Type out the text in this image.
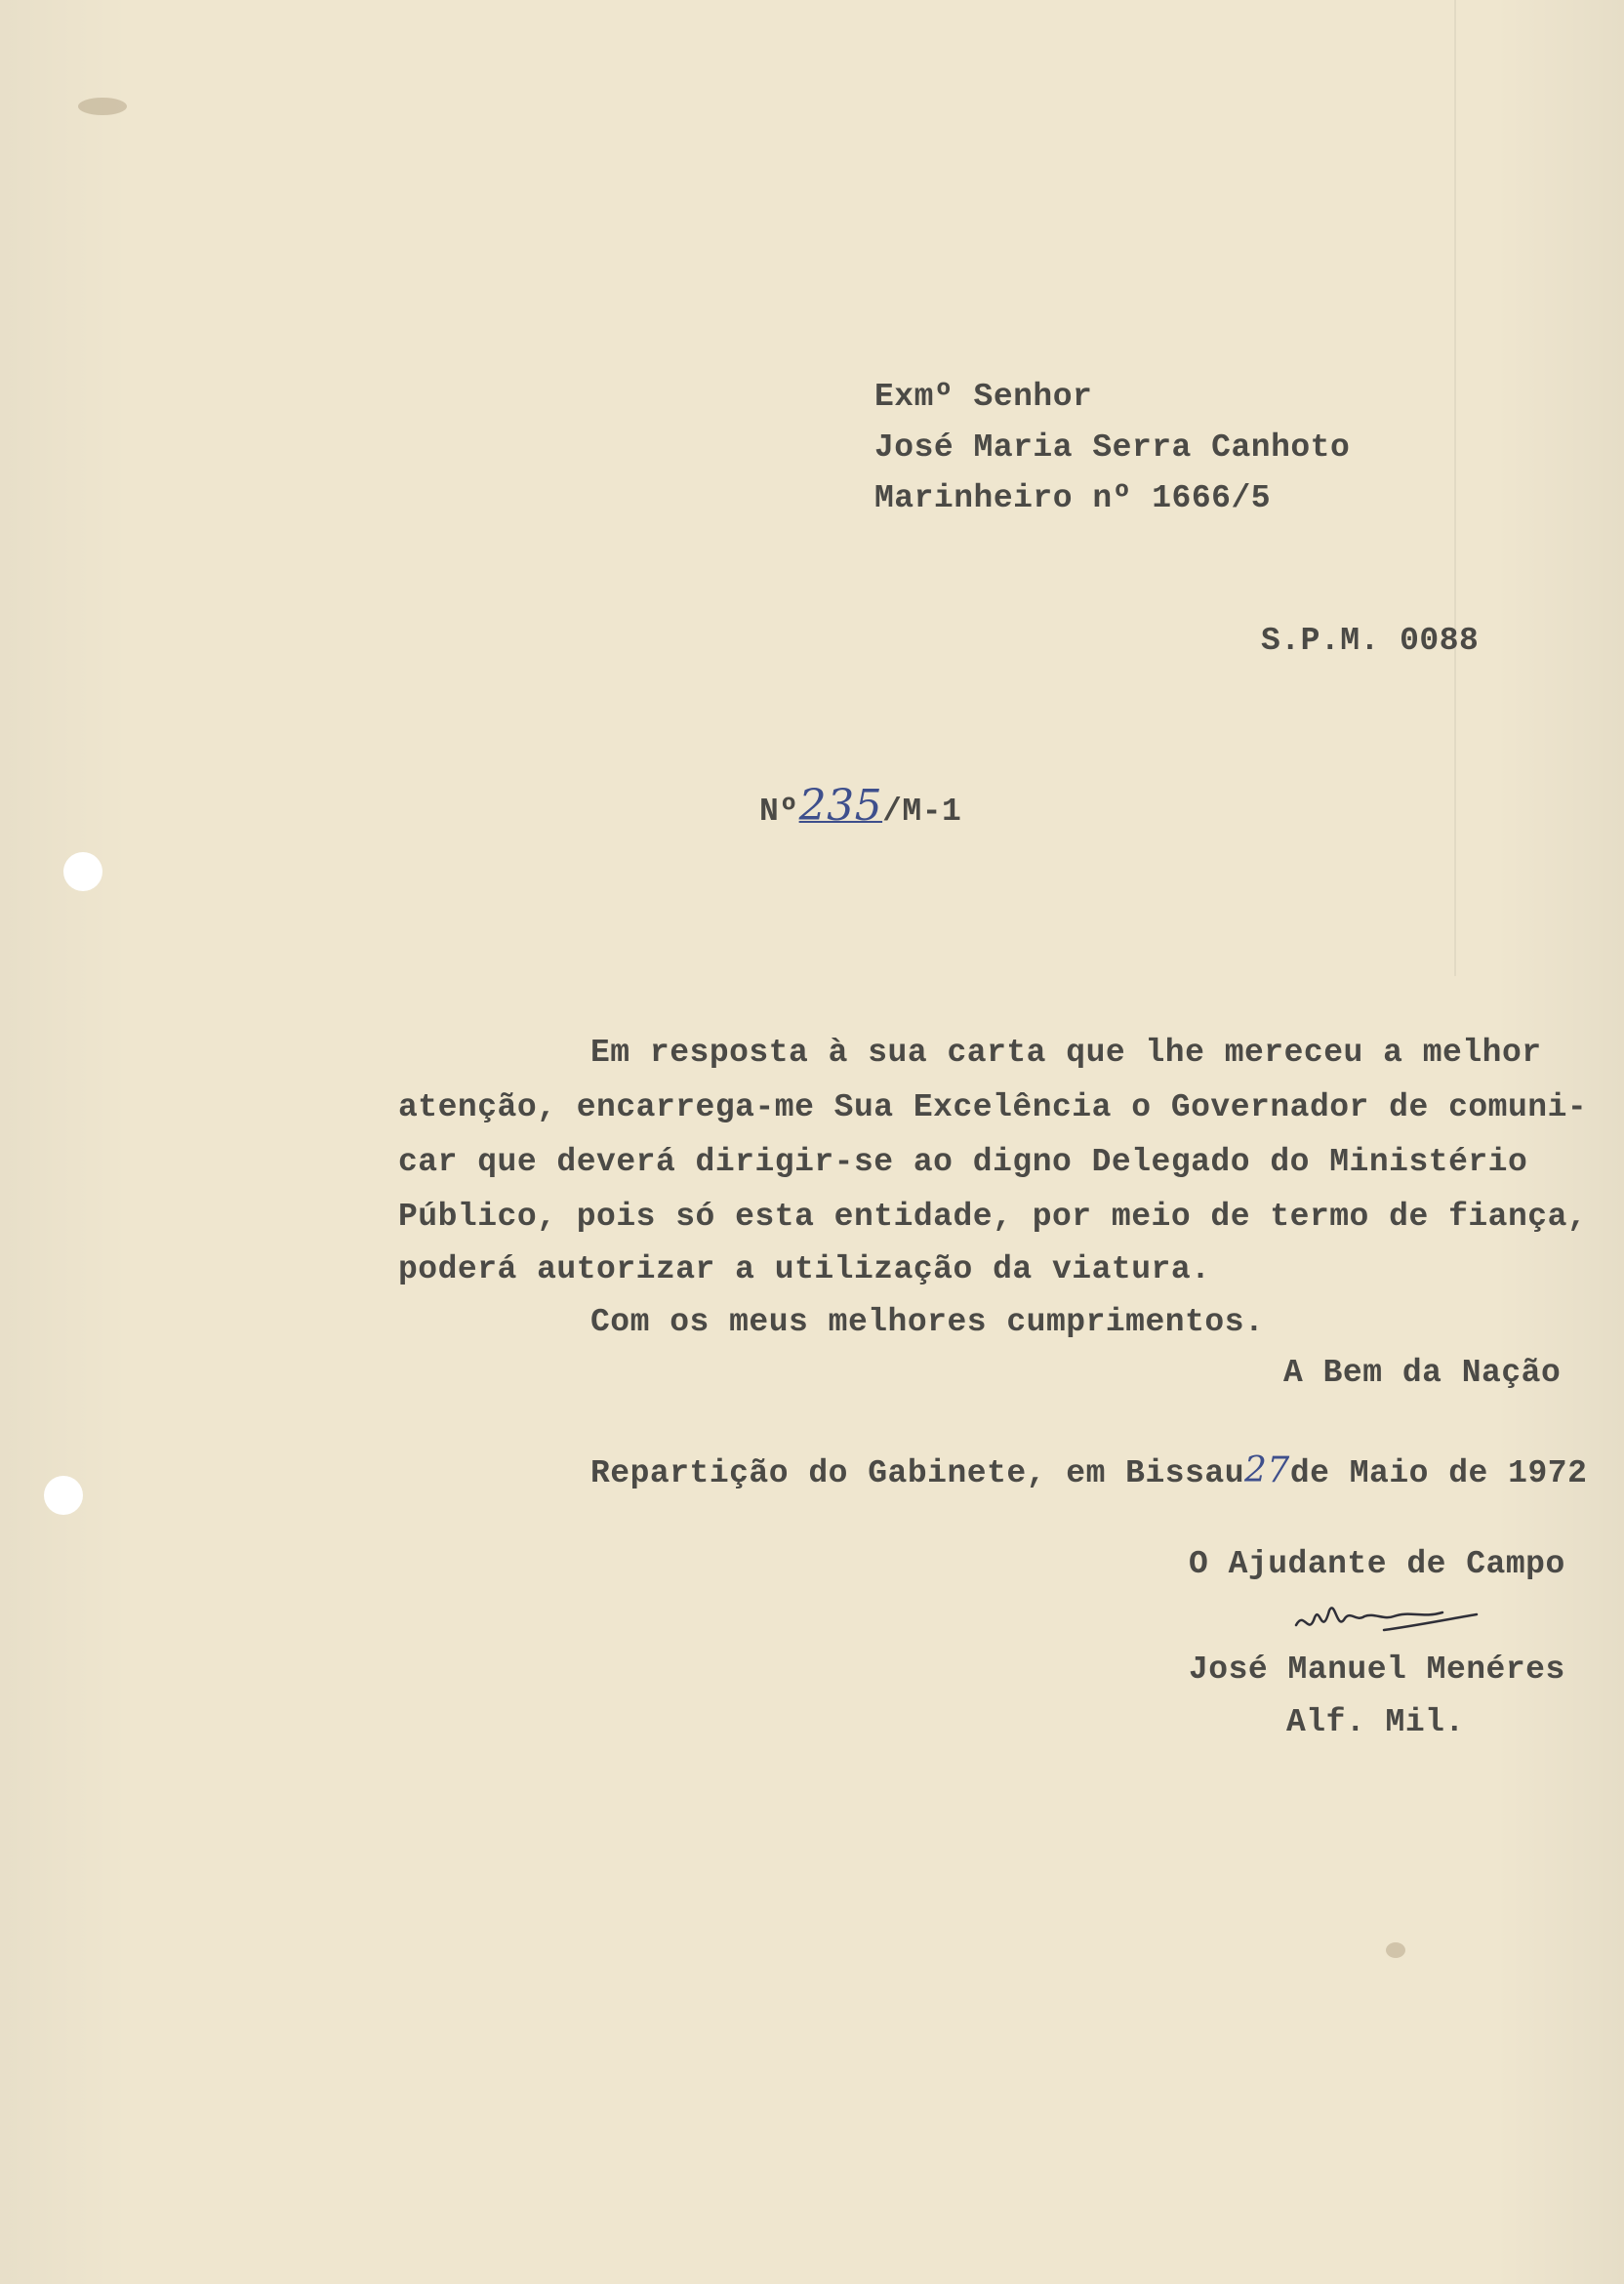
Exmº Senhor
José Maria Serra Canhoto
Marinheiro nº 1666/5
S.P.M. 0088
Nº235/M-1
Em resposta à sua carta que lhe mereceu a melhor
atenção, encarrega-me Sua Excelência o Governador de comuni-
car que deverá dirigir-se ao digno Delegado do Ministério
Público, pois só esta entidade, por meio de termo de fiança,
poderá autorizar a utilização da viatura.
Com os meus melhores cumprimentos.
A Bem da Nação
Repartição do Gabinete, em Bissau27de Maio de 1972
O Ajudante de Campo
José Manuel Menéres
Alf. Mil.
